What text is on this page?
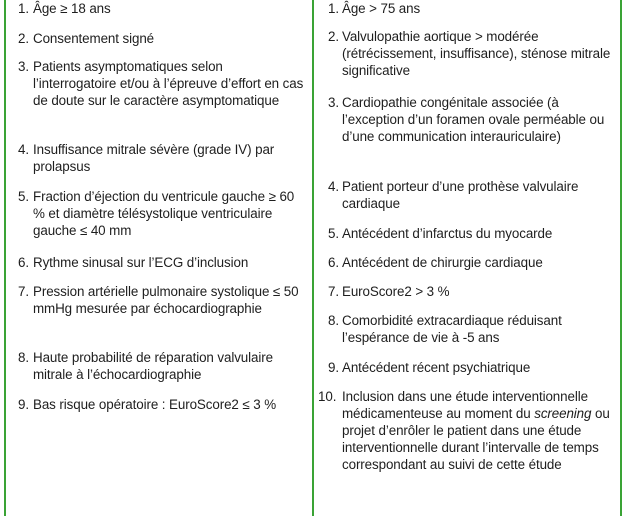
1. Âge ≥ 18 ans
2. Consentement signé
3. Patients asymptomatiques selon l’interrogatoire et/ou à l’épreuve d’effort en cas de doute sur le caractère asymptomatique
4. Insuffisance mitrale sévère (grade IV) par prolapsus
5. Fraction d’éjection du ventricule gauche ≥ 60 % et diamètre télésystolique ventriculaire gauche ≤ 40 mm
6. Rythme sinusal sur l’ECG d’inclusion
7. Pression artérielle pulmonaire systolique ≤ 50 mmHg mesurée par échocardiographie
8. Haute probabilité de réparation valvulaire mitrale à l’échocardiographie
9. Bas risque opératoire : EuroScore2 ≤ 3 %
1. Âge > 75 ans
2. Valvulopathie aortique > modérée (rétrécissement, insuffisance), sténose mitrale significative
3. Cardiopathie congénitale associée (à l’exception d’un foramen ovale perméable ou d’une communication interauriculaire)
4. Patient porteur d’une prothèse valvulaire cardiaque
5. Antécédent d’infarctus du myocarde
6. Antécédent de chirurgie cardiaque
7. EuroScore2 > 3 %
8. Comorbidité extracardiaque réduisant l’espérance de vie à -5 ans
9. Antécédent récent psychiatrique
10. Inclusion dans une étude interventionnelle médicamenteuse au moment du screening ou projet d’enrôler le patient dans une étude interventionnelle durant l’intervalle de temps correspondant au suivi de cette étude
